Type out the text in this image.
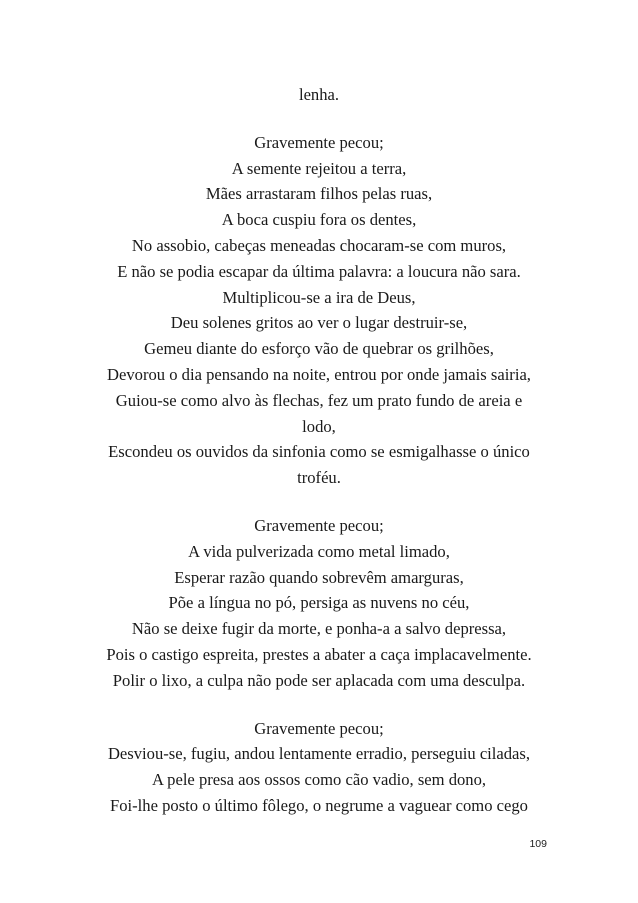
lenha.
Gravemente pecou;
A semente rejeitou a terra,
Mães arrastaram filhos pelas ruas,
A boca cuspiu fora os dentes,
No assobio, cabeças meneadas chocaram-se com muros,
E não se podia escapar da última palavra: a loucura não sara.
Multiplicou-se a ira de Deus,
Deu solenes gritos ao ver o lugar destruir-se,
Gemeu diante do esforço vão de quebrar os grilhões,
Devorou o dia pensando na noite, entrou por onde jamais sairia,
Guiou-se como alvo às flechas, fez um prato fundo de areia e
lodo,
Escondeu os ouvidos da sinfonia como se esmigalhasse o único
troféu.
Gravemente pecou;
A vida pulverizada como metal limado,
Esperar razão quando sobrevêm amarguras,
Põe a língua no pó, persiga as nuvens no céu,
Não se deixe fugir da morte, e ponha-a a salvo depressa,
Pois o castigo espreita, prestes a abater a caça implacavelmente.
Polir o lixo, a culpa não pode ser aplacada com uma desculpa.
Gravemente pecou;
Desviou-se, fugiu, andou lentamente erradio, perseguiu ciladas,
A pele presa aos ossos como cão vadio, sem dono,
Foi-lhe posto o último fôlego, o negrume a vaguear como cego
109
